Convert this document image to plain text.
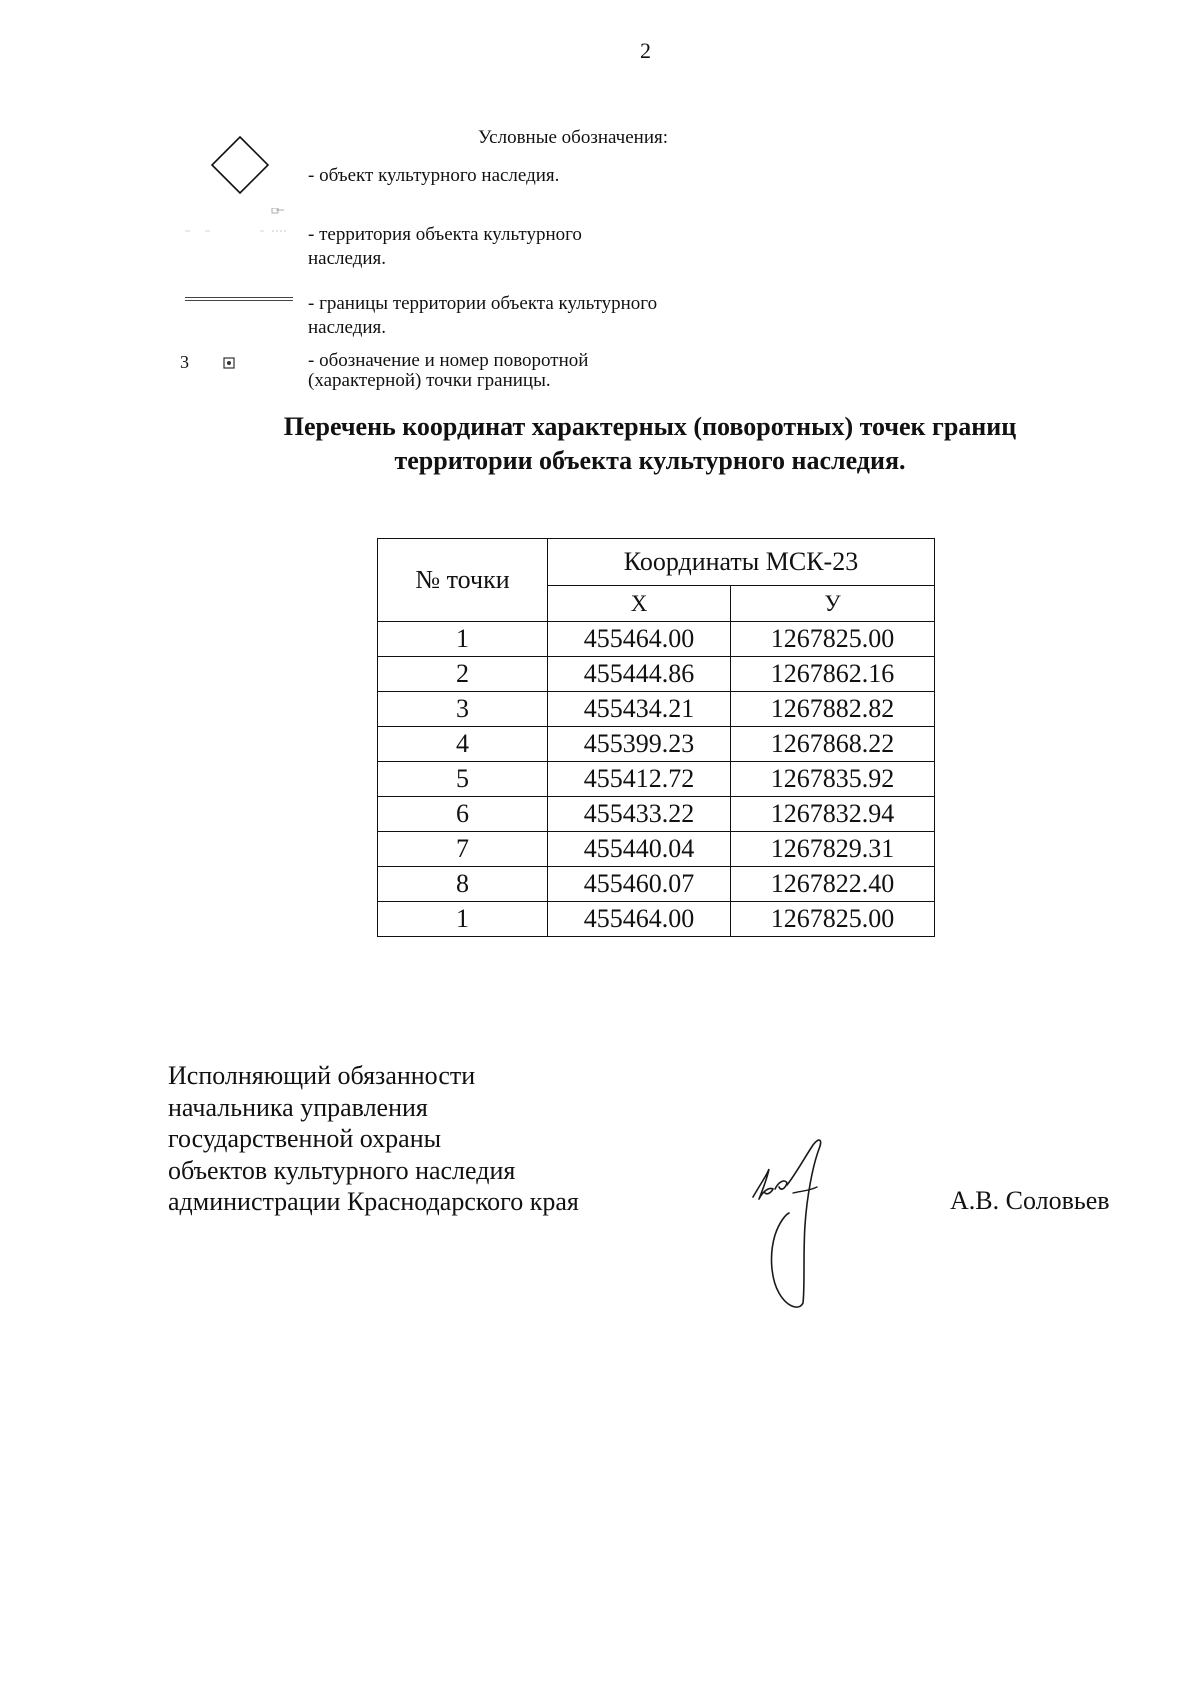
2
Условные обозначения:
- объект культурного наследия.
- территория объекта культурного
наследия.
- границы территории объекта культурного
наследия.
3	- обозначение и номер поворотной
(характерной) точки границы.
Перечень координат характерных (поворотных) точек границ
территории объекта культурного наследия.
№ точки	Координаты МСК-23	
	Х	У
1	455464.00	1267825.00
2	455444.86	1267862.16
3	455434.21	1267882.82
4	455399.23	1267868.22
5	455412.72	1267835.92
6	455433.22	1267832.94
7	455440.04	1267829.31
8	455460.07	1267822.40
1	455464.00	1267825.00
Исполняющий обязанности
начальника управления
государственной охраны
объектов культурного наследия
администрации Краснодарского края	А.В. Соловьев
